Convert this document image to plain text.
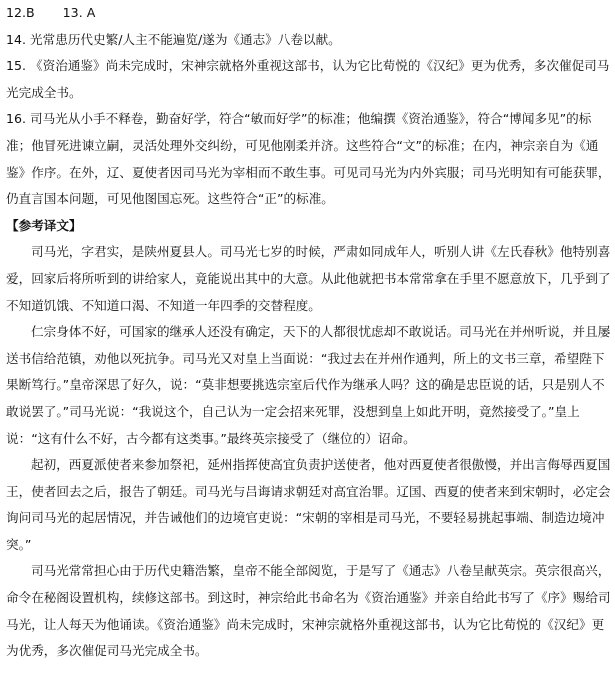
12.B 13. A

14. 光常患历代史繁/人主不能遍览/遂为《通志》八卷以献。

15. 《资治通鉴》尚未完成时，宋神宗就格外重视这部书，认为它比荀悦的《汉纪》更为优秀，多次催促司马光完成全书。

16. 司马光从小手不释卷，勤奋好学，符合“敏而好学”的标准；他编撰《资治通鉴》，符合“博闻多见”的标准；他冒死进谏立嗣，灵活处理外交纠纷，可见他刚柔并济。这些符合“文”的标准；在内，神宗亲自为《通鉴》作序。在外，辽、夏使者因司马光为宰相而不敢生事。可见司马光为内外宾服；司马光明知有可能获罪，仍直言国本问题，可见他图国忘死。这些符合“正”的标准。

【参考译文】

司马光，字君实，是陕州夏县人。司马光七岁的时候，严肃如同成年人，听别人讲《左氏春秋》他特别喜爱，回家后将所听到的讲给家人，竟能说出其中的大意。从此他就把书本常常拿在手里不愿意放下，几乎到了不知道饥饿、不知道口渴、不知道一年四季的交替程度。

仁宗身体不好，可国家的继承人还没有确定，天下的人都很忧虑却不敢说话。司马光在并州听说，并且屡送书信给范镇，劝他以死抗争。司马光又对皇上当面说：“我过去在并州作通判，所上的文书三章，希望陛下果断笃行。”皇帝深思了好久，说：“莫非想要挑选宗室后代作为继承人吗？这的确是忠臣说的话，只是别人不敢说罢了。”司马光说：“我说这个，自己认为一定会招来死罪，没想到皇上如此开明，竟然接受了。”皇上说：“这有什么不好，古今都有这类事。”最终英宗接受了（继位的）诏命。

起初，西夏派使者来参加祭祀，延州指挥使高宜负责护送使者，他对西夏使者很傲慢，并出言侮辱西夏国王，使者回去之后，报告了朝廷。司马光与吕诲请求朝廷对高宜治罪。辽国、西夏的使者来到宋朝时，必定会询问司马光的起居情况，并告诫他们的边境官吏说：“宋朝的宰相是司马光，不要轻易挑起事端、制造边境冲突。”

司马光常常担心由于历代史籍浩繁，皇帝不能全部阅览，于是写了《通志》八卷呈献英宗。英宗很高兴，命令在秘阁设置机构，续修这部书。到这时，神宗给此书命名为《资治通鉴》并亲自给此书写了《序》赐给司马光，让人每天为他诵读。《资治通鉴》尚未完成时，宋神宗就格外重视这部书，认为它比荀悦的《汉纪》更为优秀，多次催促司马光完成全书。
